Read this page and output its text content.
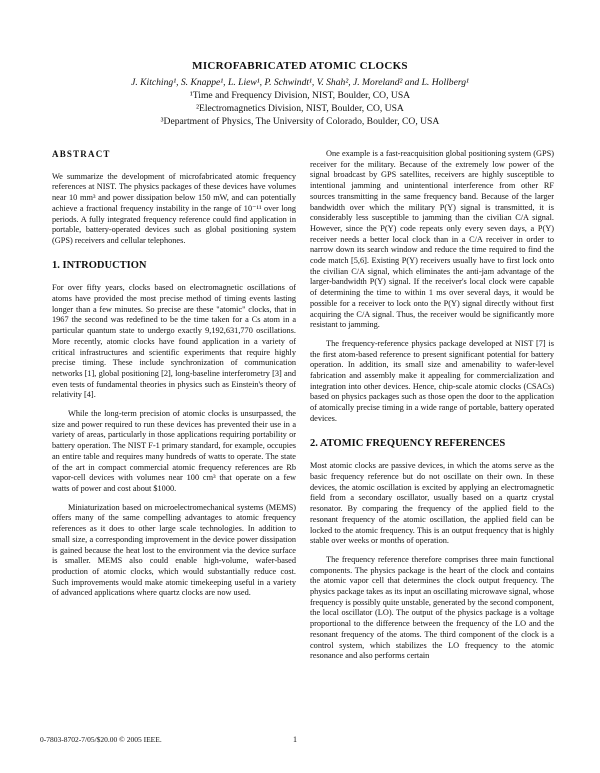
MICROFABRICATED ATOMIC CLOCKS
J. Kitching¹, S. Knappe¹, L. Liew¹, P. Schwindt¹, V. Shah², J. Moreland² and L. Hollberg¹
¹Time and Frequency Division, NIST, Boulder, CO, USA
²Electromagnetics Division, NIST, Boulder, CO, USA
³Department of Physics, The University of Colorado, Boulder, CO, USA
ABSTRACT

We summarize the development of microfabricated atomic frequency references at NIST. The physics packages of these devices have volumes near 10 mm³ and power dissipation below 150 mW, and can potentially achieve a fractional frequency instability in the range of 10⁻¹¹ over long periods. A fully integrated frequency reference could find application in portable, battery-operated devices such as global positioning system (GPS) receivers and cellular telephones.

1. INTRODUCTION

For over fifty years, clocks based on electromagnetic oscillations of atoms have provided the most precise method of timing events lasting longer than a few minutes. So precise are these "atomic" clocks, that in 1967 the second was redefined to be the time taken for a Cs atom in a particular quantum state to undergo exactly 9,192,631,770 oscillations. More recently, atomic clocks have found application in a variety of critical infrastructures and scientific experiments that require highly precise timing. These include synchronization of communication networks [1], global positioning [2], long-baseline interferometry [3] and even tests of fundamental theories in physics such as Einstein's theory of relativity [4].

While the long-term precision of atomic clocks is unsurpassed, the size and power required to run these devices has prevented their use in a variety of areas, particularly in those applications requiring portability or battery operation. The NIST F-1 primary standard, for example, occupies an entire table and requires many hundreds of watts to operate. The state of the art in compact commercial atomic frequency references are Rb vapor-cell devices with volumes near 100 cm³ that operate on a few watts of power and cost about $1000.

Miniaturization based on microelectromechanical systems (MEMS) offers many of the same compelling advantages to atomic frequency references as it does to other large scale technologies. In addition to small size, a corresponding improvement in the device power dissipation is gained because the heat lost to the environment via the device surface is smaller. MEMS also could enable high-volume, wafer-based production of atomic clocks, which would substantially reduce cost. Such improvements would make atomic timekeeping useful in a variety of advanced applications where quartz clocks are now used.

One example is a fast-reacquisition global positioning system (GPS) receiver for the military. Because of the extremely low power of the signal broadcast by GPS satellites, receivers are highly susceptible to intentional jamming and unintentional interference from other RF sources transmitting in the same frequency band. Because of the larger bandwidth over which the military P(Y) signal is transmitted, it is considerably less susceptible to jamming than the civilian C/A signal. However, since the P(Y) code repeats only every seven days, a P(Y) receiver needs a better local clock than in a C/A receiver in order to narrow down its search window and reduce the time required to find the code match [5,6]. Existing P(Y) receivers usually have to first lock onto the civilian C/A signal, which eliminates the anti-jam advantage of the larger-bandwidth P(Y) signal. If the receiver's local clock were capable of determining the time to within 1 ms over several days, it would be possible for a receiver to lock onto the P(Y) signal directly without first acquiring the C/A signal. Thus, the receiver would be significantly more resistant to jamming.

The frequency-reference physics package developed at NIST [7] is the first atom-based reference to present significant potential for battery operation. In addition, its small size and amenability to wafer-level fabrication and assembly make it appealing for commercialization and integration into other devices. Hence, chip-scale atomic clocks (CSACs) based on physics packages such as those open the door to the application of atomically precise timing in a wide range of portable, battery operated devices.

2. ATOMIC FREQUENCY REFERENCES

Most atomic clocks are passive devices, in which the atoms serve as the basic frequency reference but do not oscillate on their own. In these devices, the atomic oscillation is excited by applying an electromagnetic field from a secondary oscillator, usually based on a quartz crystal resonator. By comparing the frequency of the applied field to the resonant frequency of the atomic oscillation, the applied field can be locked to the atomic frequency. This is an output frequency that is highly stable over weeks or months of operation.

The frequency reference therefore comprises three main functional components. The physics package is the heart of the clock and contains the atomic vapor cell that determines the clock output frequency. The physics package takes as its input an oscillating microwave signal, whose frequency is possibly quite unstable, generated by the second component, the local oscillator (LO). The output of the physics package is a voltage proportional to the difference between the frequency of the LO and the resonant frequency of the atoms. The third component of the clock is a control system, which stabilizes the LO frequency to the atomic resonance and also performs certain

0-7803-8702-7/05/$20.00 © 2005 IEEE.	1
